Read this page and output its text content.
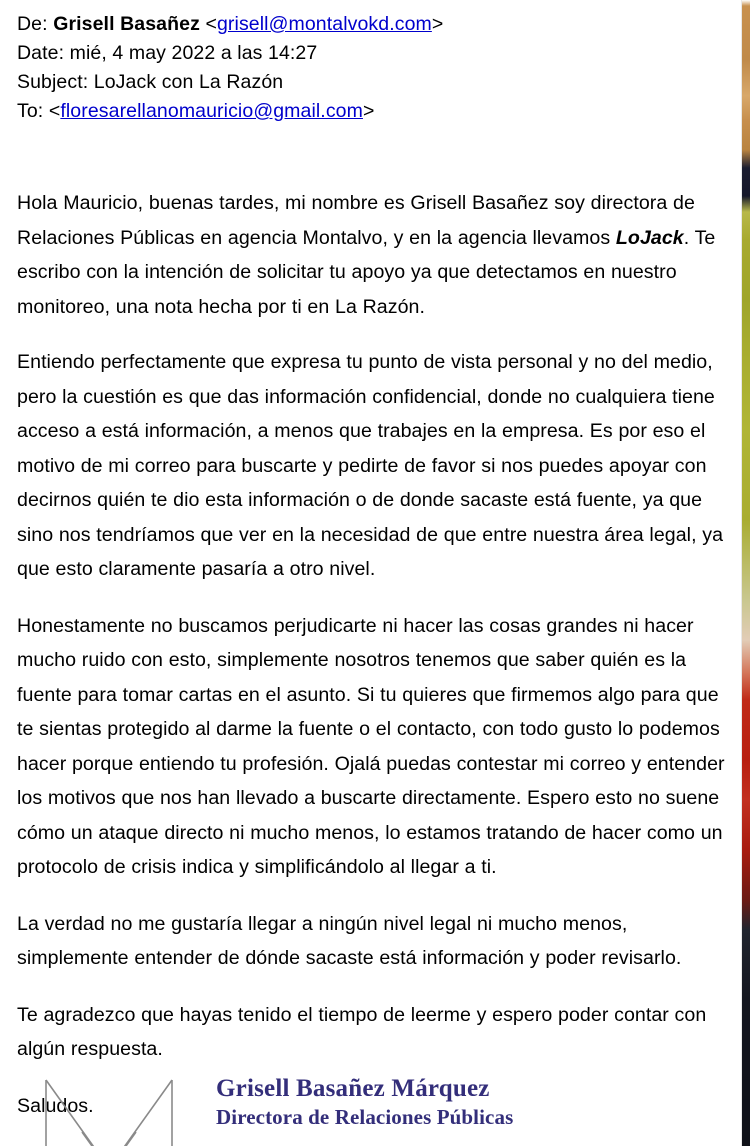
De: Grisell Basañez <grisell@montalvokd.com>
Date: mié, 4 may 2022 a las 14:27
Subject: LoJack con La Razón
To: <floresarellanomauricio@gmail.com>

Hola Mauricio, buenas tardes, mi nombre es Grisell Basañez soy directora de Relaciones Públicas en agencia Montalvo, y en la agencia llevamos LoJack. Te escribo con la intención de solicitar tu apoyo ya que detectamos en nuestro monitoreo, una nota hecha por ti en La Razón.

Entiendo perfectamente que expresa tu punto de vista personal y no del medio, pero la cuestión es que das información confidencial, donde no cualquiera tiene acceso a está información, a menos que trabajes en la empresa. Es por eso el motivo de mi correo para buscarte y pedirte de favor si nos puedes apoyar con decirnos quién te dio esta información o de donde sacaste está fuente, ya que sino nos tendríamos que ver en la necesidad de que entre nuestra área legal, ya que esto claramente pasaría a otro nivel.

Honestamente no buscamos perjudicarte ni hacer las cosas grandes ni hacer mucho ruido con esto, simplemente nosotros tenemos que saber quién es la fuente para tomar cartas en el asunto. Si tu quieres que firmemos algo para que te sientas protegido al darme la fuente o el contacto, con todo gusto lo podemos hacer porque entiendo tu profesión. Ojalá puedas contestar mi correo y entender los motivos que nos han llevado a buscarte directamente. Espero esto no suene cómo un ataque directo ni mucho menos, lo estamos tratando de hacer como un protocolo de crisis indica y simplificándolo al llegar a ti.

La verdad no me gustaría llegar a ningún nivel legal ni mucho menos, simplemente entender de dónde sacaste está información y poder revisarlo.

Te agradezco que hayas tenido el tiempo de leerme y espero poder contar con algún respuesta.

Saludos.

Grisell Basañez Márquez
Directora de Relaciones Públicas
